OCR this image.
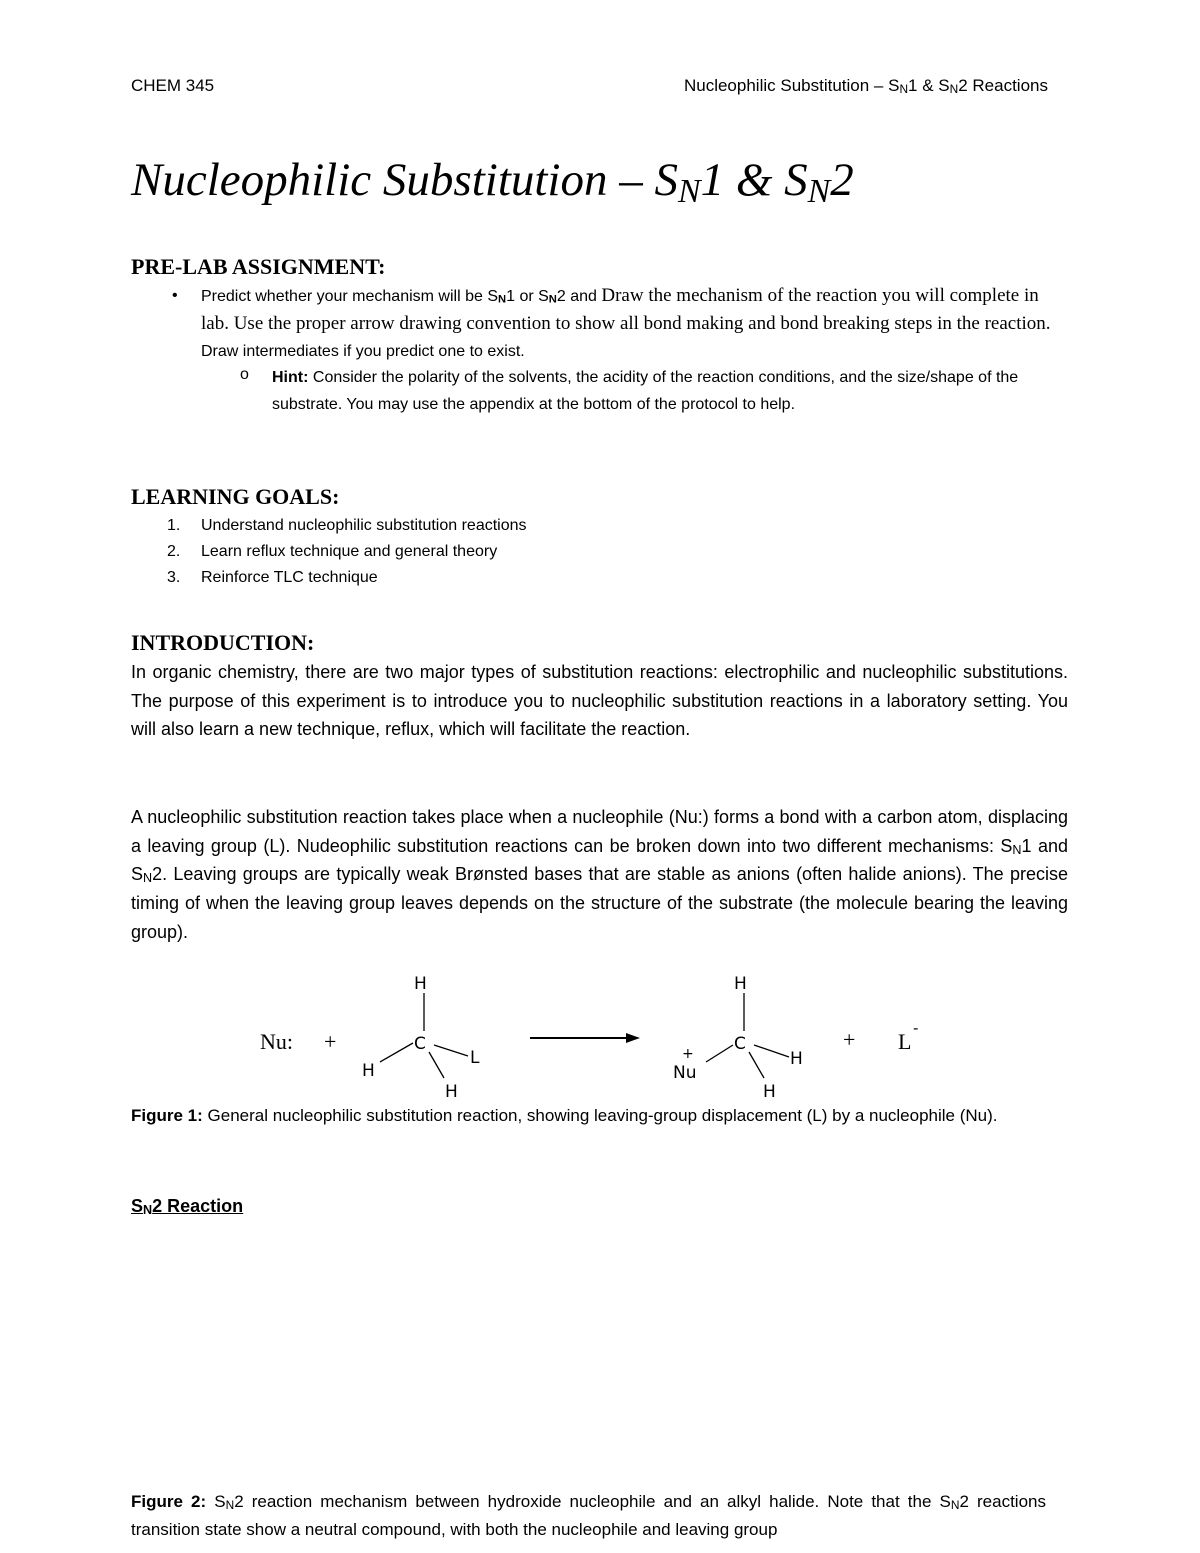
CHEM 345	Nucleophilic Substitution – $S_N1$ & $S_N2$ Reactions
Nucleophilic Substitution – $S_N1$ & $S_N2$
PRE-LAB ASSIGNMENT:
• Predict whether your mechanism will be $S_N1$ or $S_N2$ and Draw the mechanism of the reaction you will complete in lab. Use the proper arrow drawing convention to show all bond making and bond breaking steps in the reaction. Draw intermediates if you predict one to exist.

o Hint: Consider the polarity of the solvents, the acidity of the reaction conditions, and the size/shape of the substrate. You may use the appendix at the bottom of the protocol to help.

LEARNING GOALS:
1. Understand nucleophilic substitution reactions
2. Learn reflux technique and general theory
3. Reinforce TLC technique
INTRODUCTION:

In organic chemistry, there are two major types of substitution reactions: electrophilic and nucleophilic substitutions. The purpose of this experiment is to introduce you to nucleophilic substitution reactions in a laboratory setting. You will also learn a new technique, reflux, which will facilitate the reaction.

A nucleophilic substitution reaction takes place when a nucleophile (Nu:) forms a bond with a carbon atom, displacing a leaving group (L). Nudeophilic substitution reactions can be broken down into two different mechanisms: $S_N1$ and $S_N2$. Leaving groups are typically weak Brønsted bases that are stable as anions (often halide anions). The precise timing of when the leaving group leaves depends on the structure of the substrate (the molecule bearing the leaving group).

Nu: +
H
C
H
L
H
H
C
+
Nu
H
H
+ L
-

Figure 1: General nucleophilic substitution reaction, showing leaving-group displacement (L) by a nucleophile (Nu).

$S_N2$ Reaction

Figure 2: $S_N2$ reaction mechanism between hydroxide nucleophile and an alkyl halide. Note that the $S_N2$ reactions transition state show a neutral compound, with both the nucleophile and leaving group
